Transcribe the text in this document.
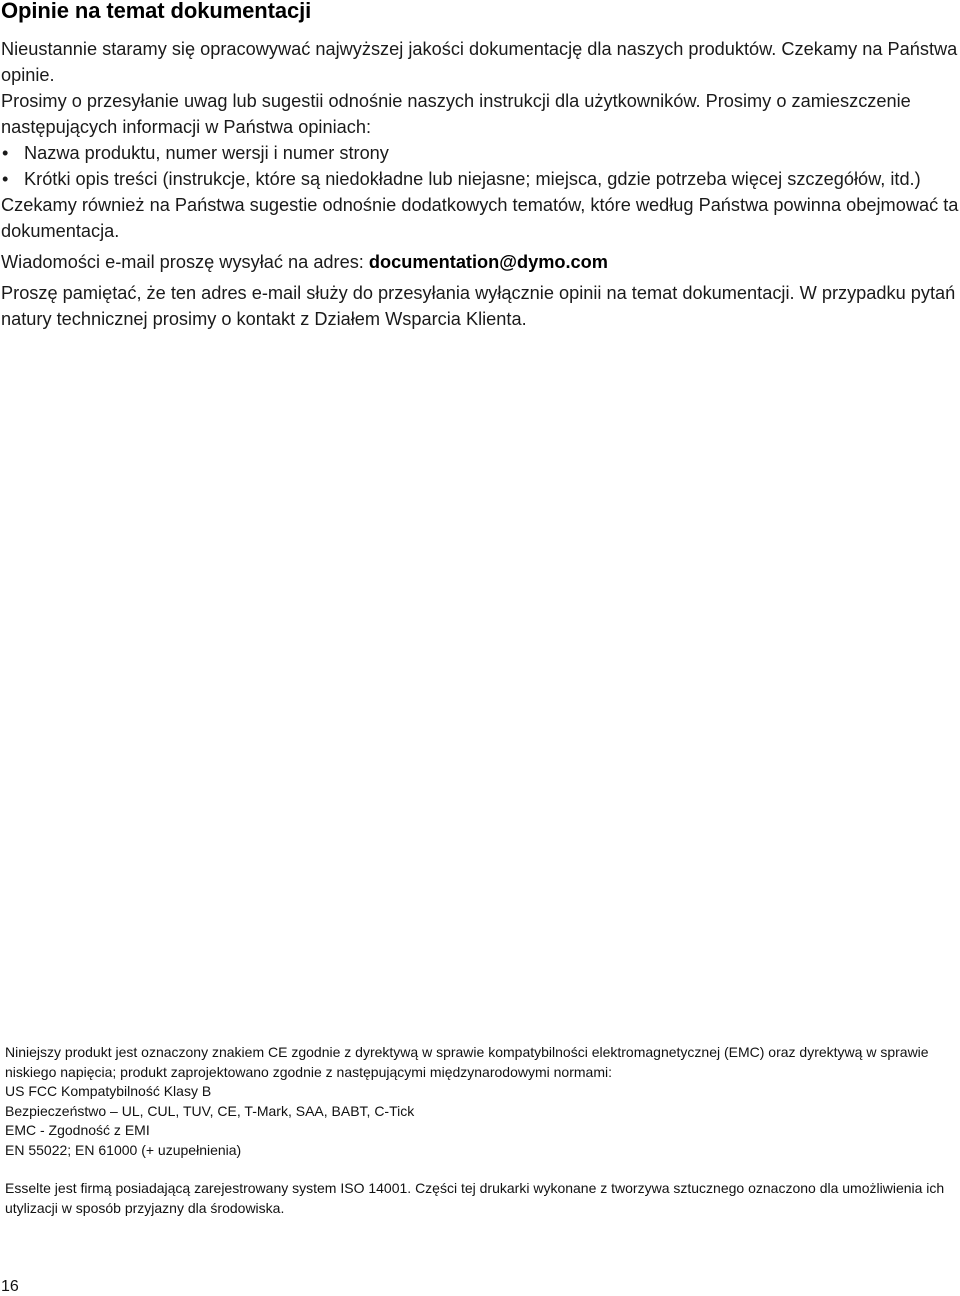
Opinie na temat dokumentacji

Nieustannie staramy się opracowywać najwyższej jakości dokumentację dla naszych produktów. Czekamy na Państwa opinie.

Prosimy o przesyłanie uwag lub sugestii odnośnie naszych instrukcji dla użytkowników. Prosimy o zamieszczenie następujących informacji w Państwa opiniach:

• Nazwa produktu, numer wersji i numer strony
• Krótki opis treści (instrukcje, które są niedokładne lub niejasne; miejsca, gdzie potrzeba więcej szczegółów, itd.)

Czekamy również na Państwa sugestie odnośnie dodatkowych tematów, które według Państwa powinna obejmować ta dokumentacja.

Wiadomości e-mail proszę wysyłać na adres: documentation@dymo.com

Proszę pamiętać, że ten adres e-mail służy do przesyłania wyłącznie opinii na temat dokumentacji. W przypadku pytań natury technicznej prosimy o kontakt z Działem Wsparcia Klienta.

Niniejszy produkt jest oznaczony znakiem CE zgodnie z dyrektywą w sprawie kompatybilności elektromagnetycznej (EMC) oraz dyrektywą w sprawie niskiego napięcia; produkt zaprojektowano zgodnie z następującymi międzynarodowymi normami:

US FCC Kompatybilność Klasy B

Bezpieczeństwo – UL, CUL, TUV, CE, T-Mark, SAA, BABT, C-Tick

EMC - Zgodność z EMI

EN 55022; EN 61000 (+ uzupełnienia)

Esselte jest firmą posiadającą zarejestrowany system ISO 14001. Części tej drukarki wykonane z tworzywa sztucznego oznaczono dla umożliwienia ich utylizacji w sposób przyjazny dla środowiska.

16
